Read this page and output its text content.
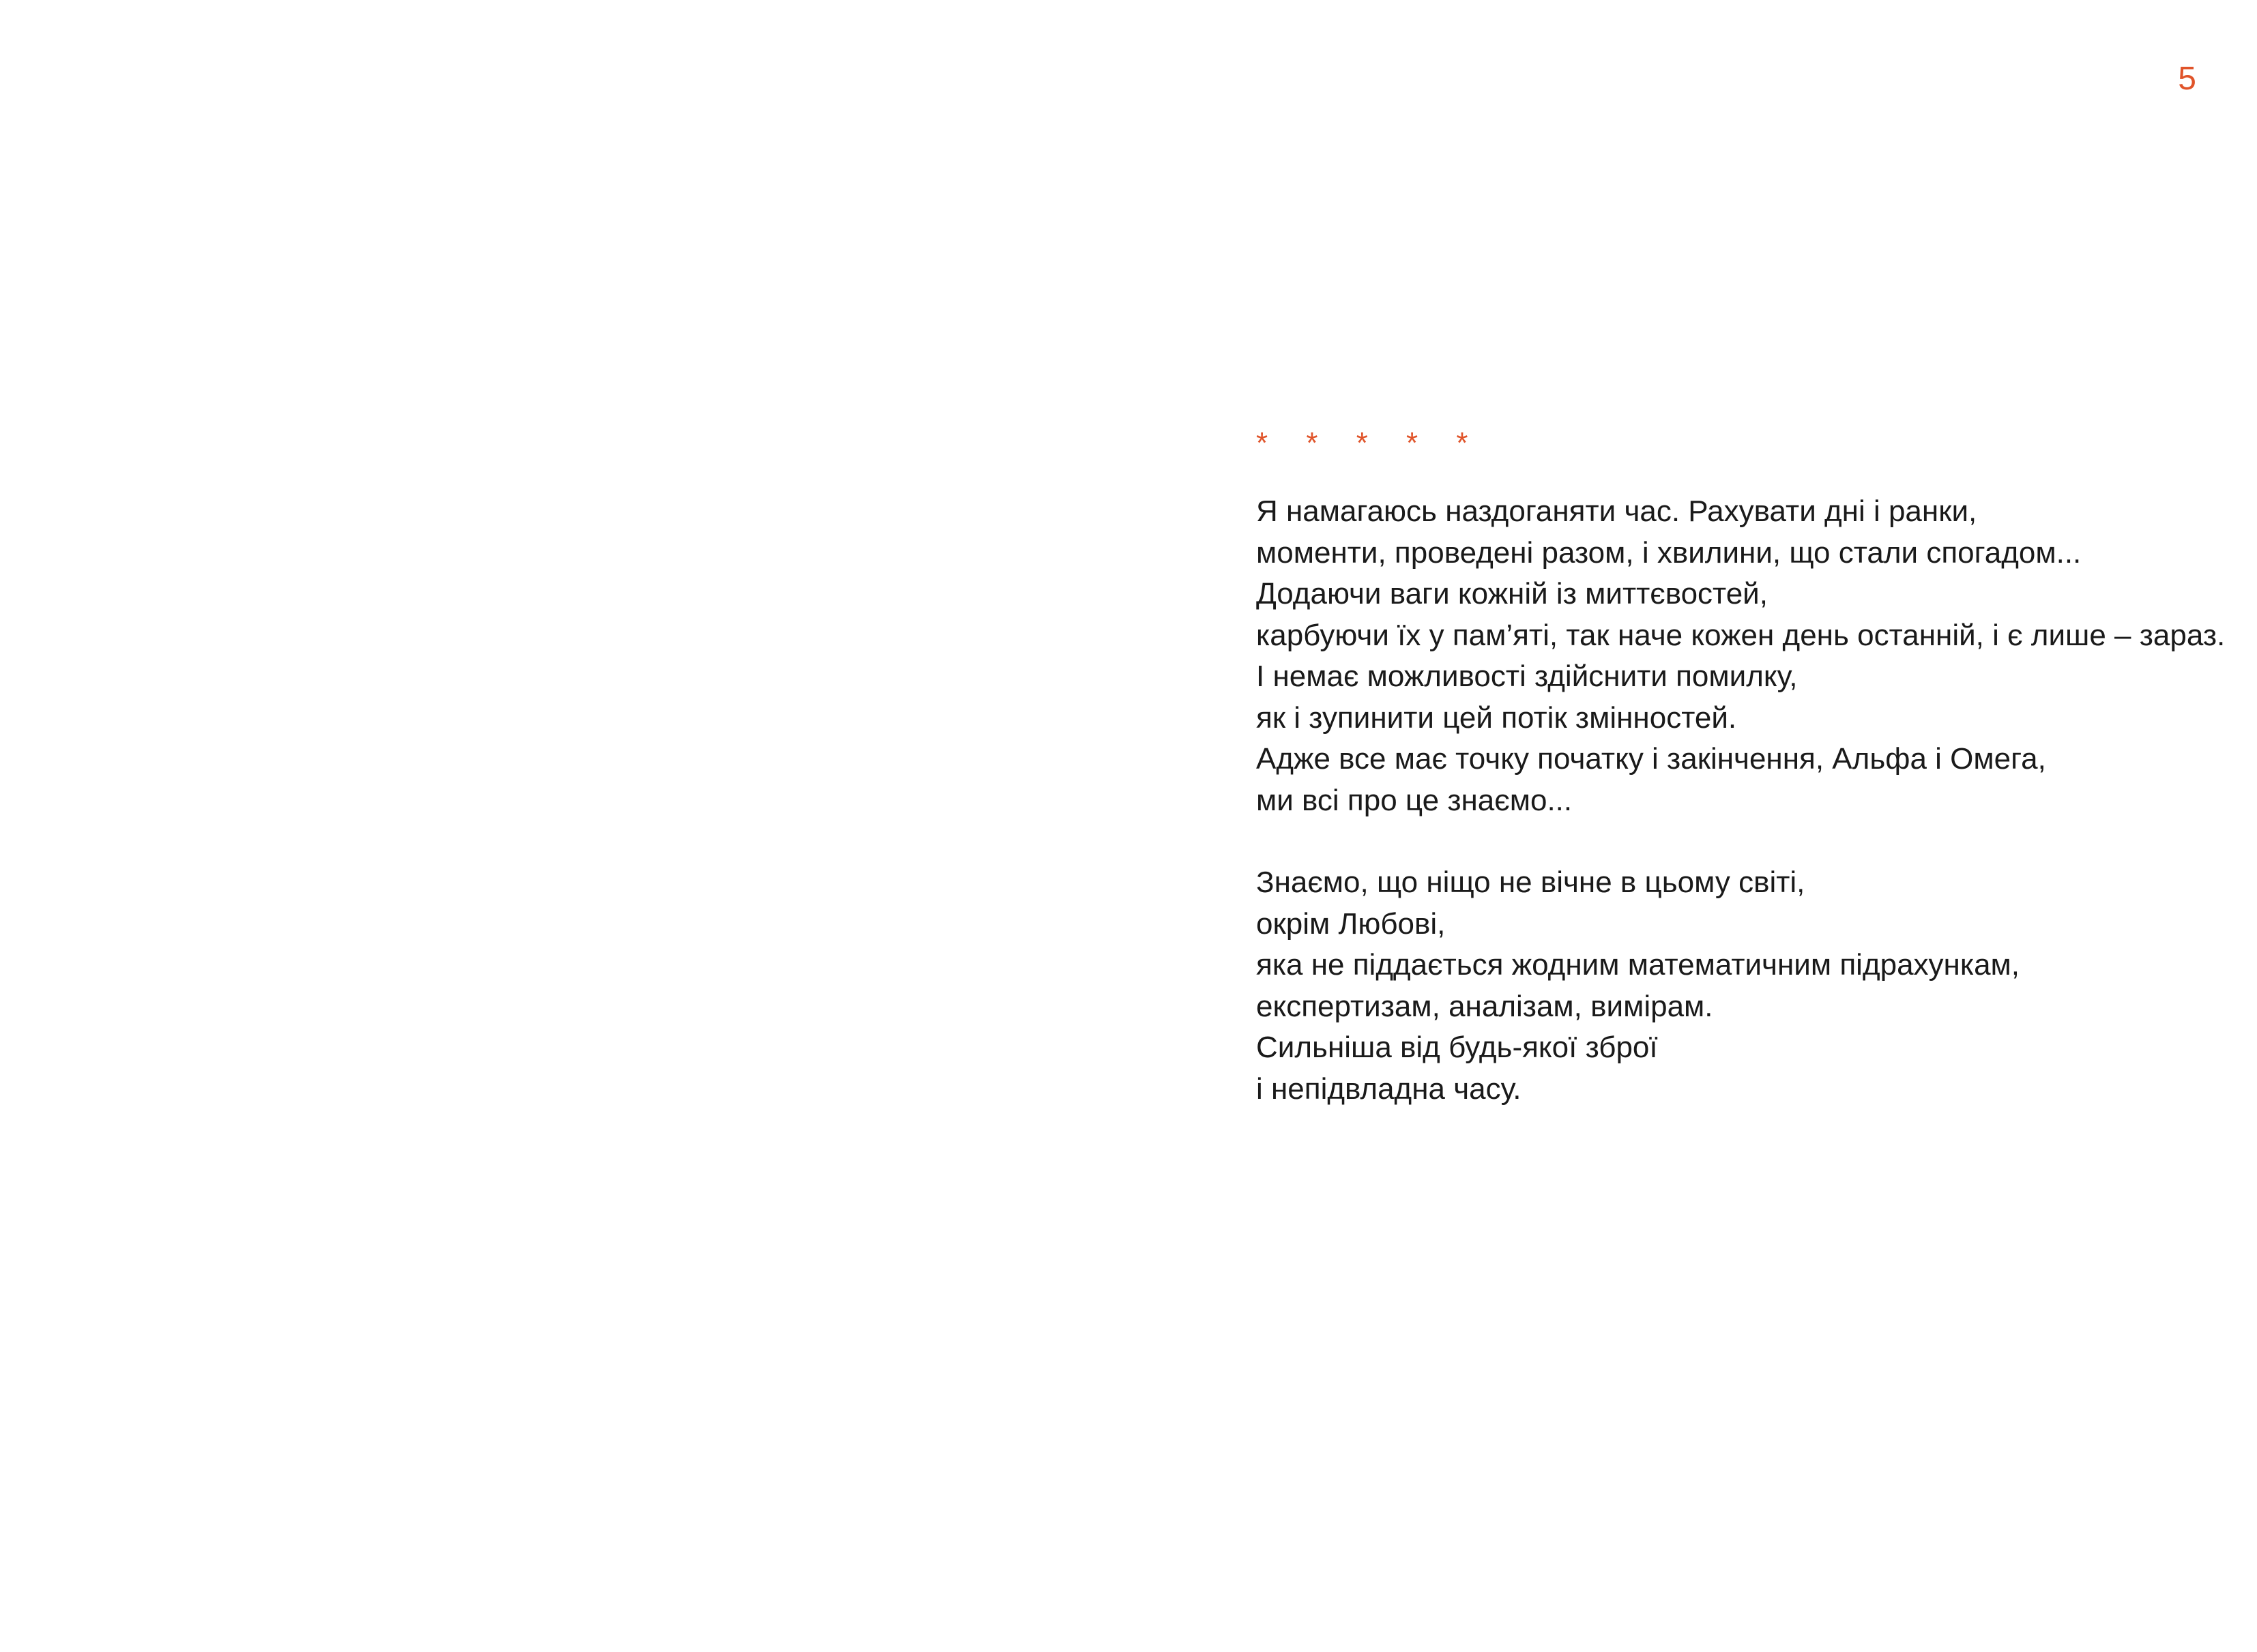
5
* * * * *
Я намагаюсь наздоганяти час. Рахувати дні і ранки,
моменти, проведені разом, і хвилини, що стали спогадом...
Додаючи ваги кожній із миттєвостей,
карбуючи їх у пам’яті, так наче кожен день останній, і є лише – зараз.
І немає можливості здійснити помилку,
як і зупинити цей потік змінностей.
Адже все має точку початку і закінчення, Альфа і Омега,
ми всі про це знаємо...
Знаємо, що ніщо не вічне в цьому світі,
окрім Любові,
яка не піддається жодним математичним підрахункам,
експертизам, аналізам, вимірам.
Сильніша від будь-якої зброї
і непідвладна часу.
